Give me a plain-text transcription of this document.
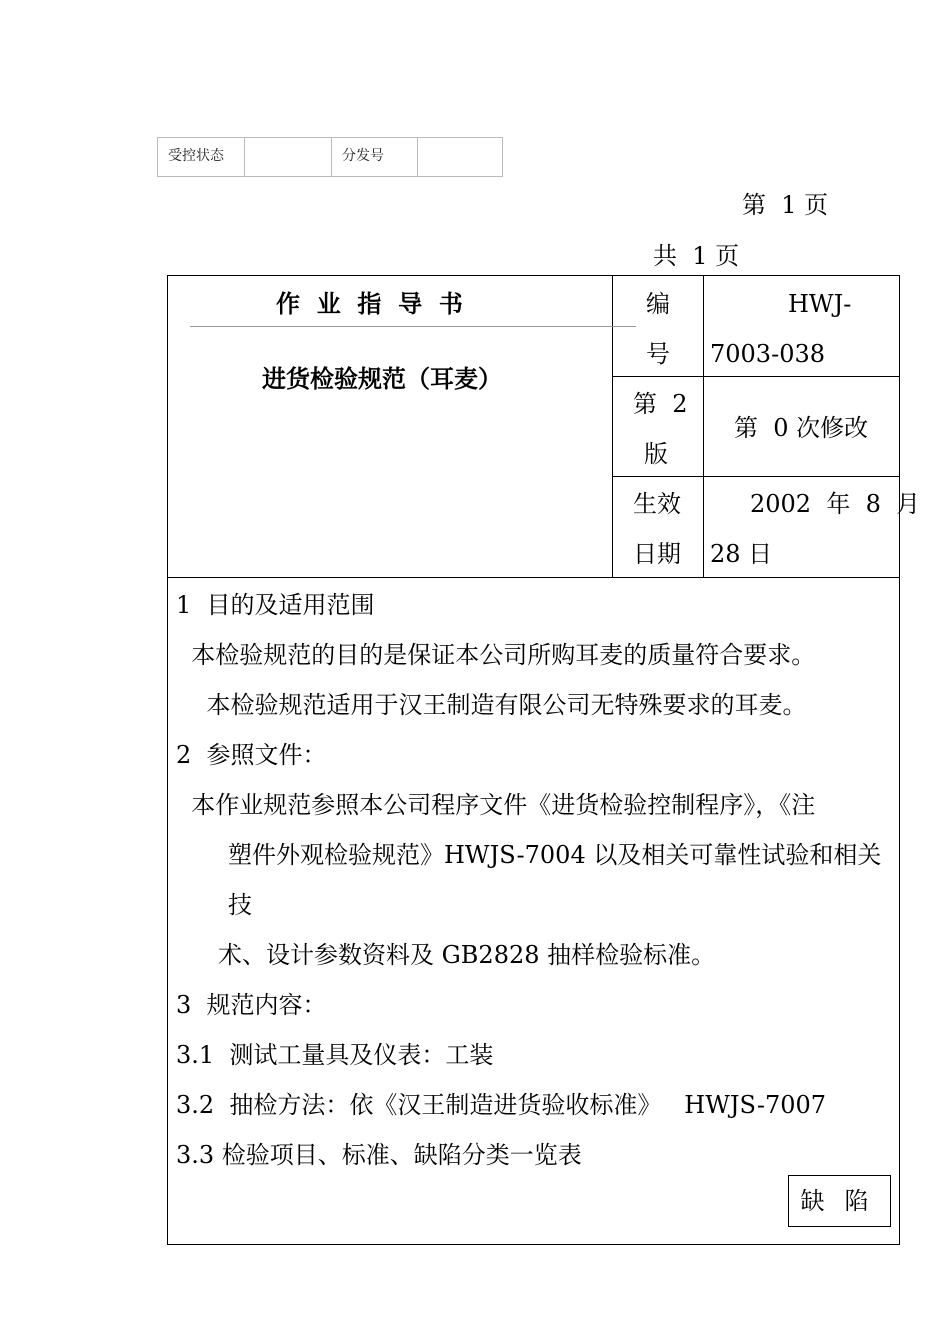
受控状态	分发号
第  1 页
共  1 页
作  业  指  导  书
进货检验规范（耳麦）
编
号
HWJ-
7003-038
第  2
版
第  0 次修改
生效
日期
2002  年  8  月
28 日
1  目的及适用范围
本检验规范的目的是保证本公司所购耳麦的质量符合要求。
本检验规范适用于汉王制造有限公司无特殊要求的耳麦。
2  参照文件：
本作业规范参照本公司程序文件《进货检验控制程序》，《注
塑件外观检验规范》HWJS-7004 以及相关可靠性试验和相关
技
术、设计参数资料及 GB2828 抽样检验标准。
3  规范内容：
3.1  测试工量具及仪表：工装
3.2  抽检方法：依《汉王制造进货验收标准》   HWJS-7007
3.3 检验项目、标准、缺陷分类一览表
缺陷
